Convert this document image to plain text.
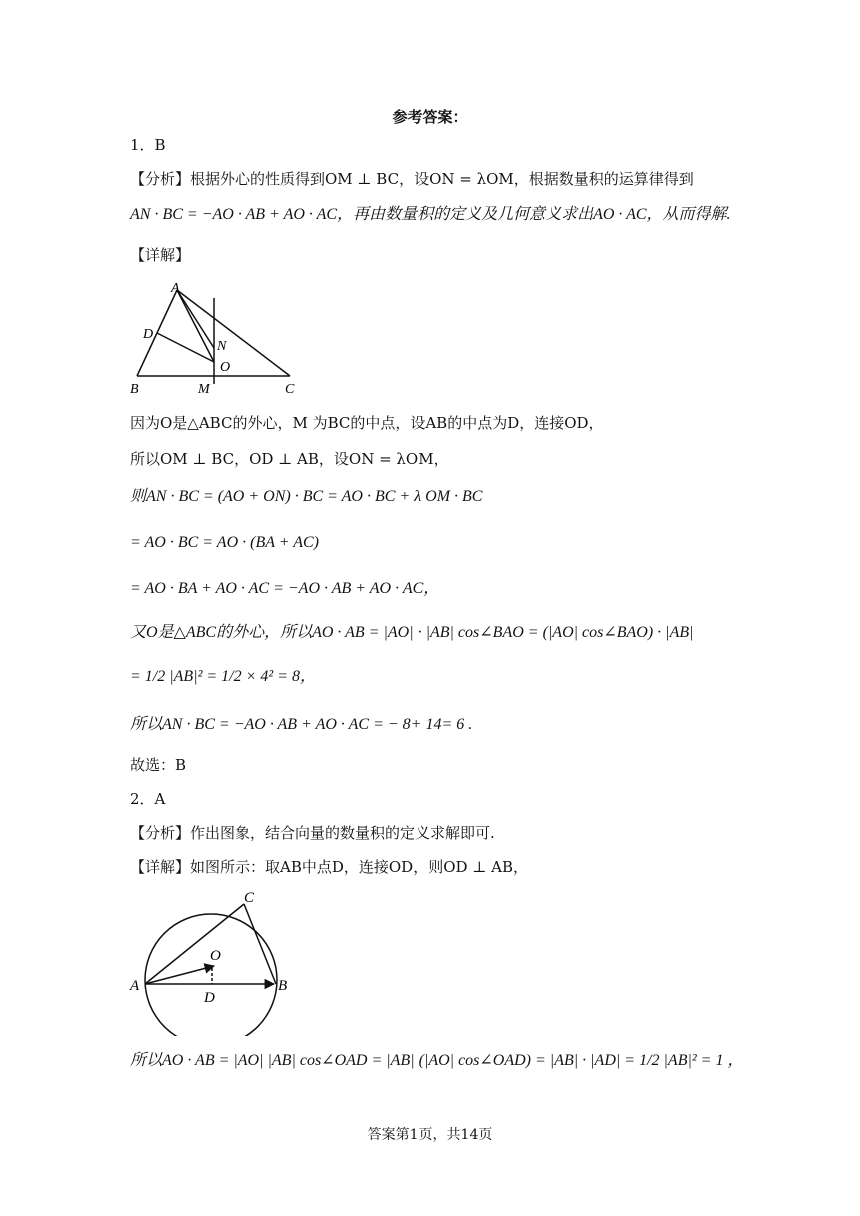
参考答案：
1．B
【分析】根据外心的性质得到OM ⊥ BC，设ON = λOM，根据数量积的运算律得到
AN · BC = −AO · AB + AO · AC，再由数量积的定义及几何意义求出AO · AC，从而得解.
【详解】
A
D
N
O
B	M	C
因为O是△ABC的外心，M 为BC的中点，设AB的中点为D，连接OD，
所以OM ⊥ BC，OD ⊥ AB，设ON = λOM，
则AN · BC = (AO + ON) · BC = AO · BC + λ OM · BC
= AO · BC = AO · (BA + AC)
= AO · BA + AO · AC = −AO · AB + AO · AC，
又O是△ABC的外心，所以AO · AB = |AO| · |AB| cos∠BAO = (|AO| cos∠BAO) · |AB|
= 1/2 |AB|² = 1/2 × 4² = 8，
所以AN · BC = −AO · AB + AO · AC = − 8+ 14= 6 .
故选：B
2．A
【分析】作出图象，结合向量的数量积的定义求解即可.
【详解】如图所示：取AB中点D，连接OD，则OD ⊥ AB，
C
O
A
D
B
所以AO · AB = |AO| |AB| cos∠OAD = |AB| (|AO| cos∠OAD) = |AB| · |AD| = 1/2 |AB|² = 1 ，
答案第1页，共14页
